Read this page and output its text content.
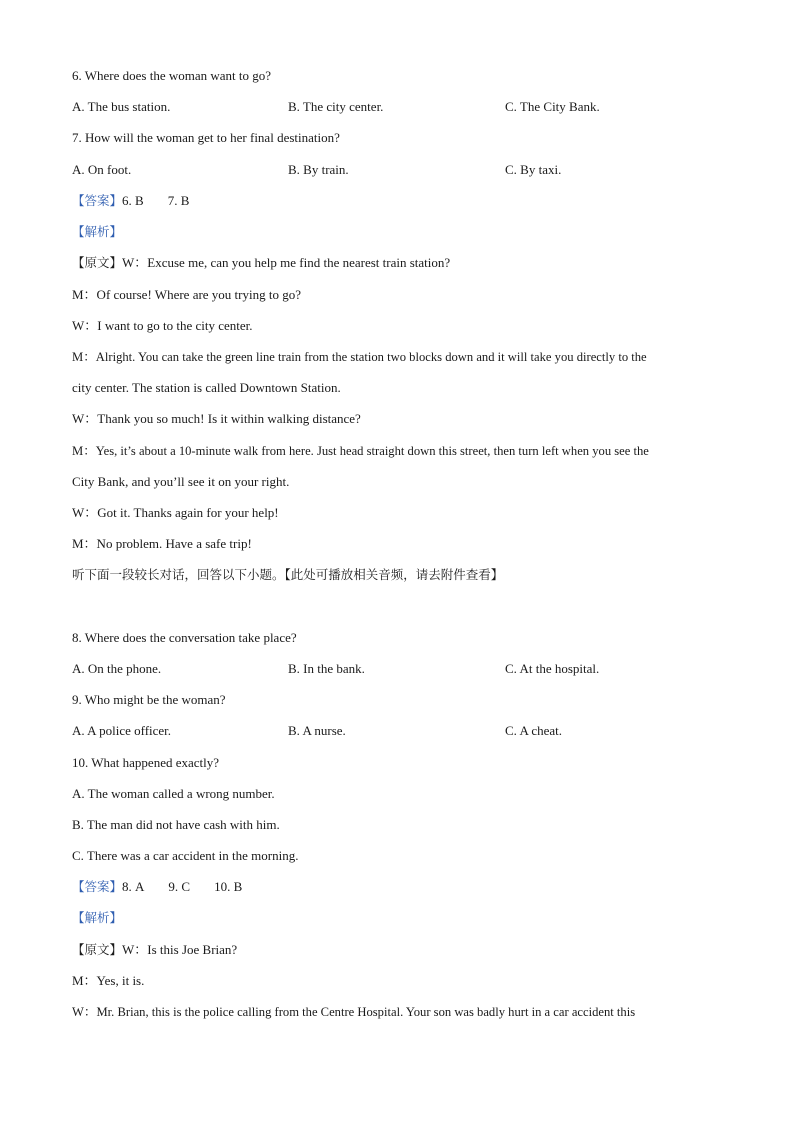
6. Where does the woman want to go?
A. The bus station.	B. The city center.	C. The City Bank.
7. How will the woman get to her final destination?
A. On foot.	B. By train.	C. By taxi.
【答案】6. B 7. B
【解析】
【原文】W：Excuse me, can you help me find the nearest train station?
M：Of course! Where are you trying to go?
W：I want to go to the city center.
M：Alright. You can take the green line train from the station two blocks down and it will take you directly to the
city center. The station is called Downtown Station.
W：Thank you so much! Is it within walking distance?
M：Yes, it’s about a 10-minute walk from here. Just head straight down this street, then turn left when you see the
City Bank, and you’ll see it on your right.
W：Got it. Thanks again for your help!
M：No problem. Have a safe trip!
听下面一段较长对话，回答以下小题。【此处可播放相关音频，请去附件查看】
8. Where does the conversation take place?
A. On the phone.	B. In the bank.	C. At the hospital.
9. Who might be the woman?
A. A police officer.	B. A nurse.	C. A cheat.
10. What happened exactly?
A. The woman called a wrong number.
B. The man did not have cash with him.
C. There was a car accident in the morning.
【答案】8. A 9. C 10. B
【解析】
【原文】W：Is this Joe Brian?
M：Yes, it is.
W：Mr. Brian, this is the police calling from the Centre Hospital. Your son was badly hurt in a car accident this
